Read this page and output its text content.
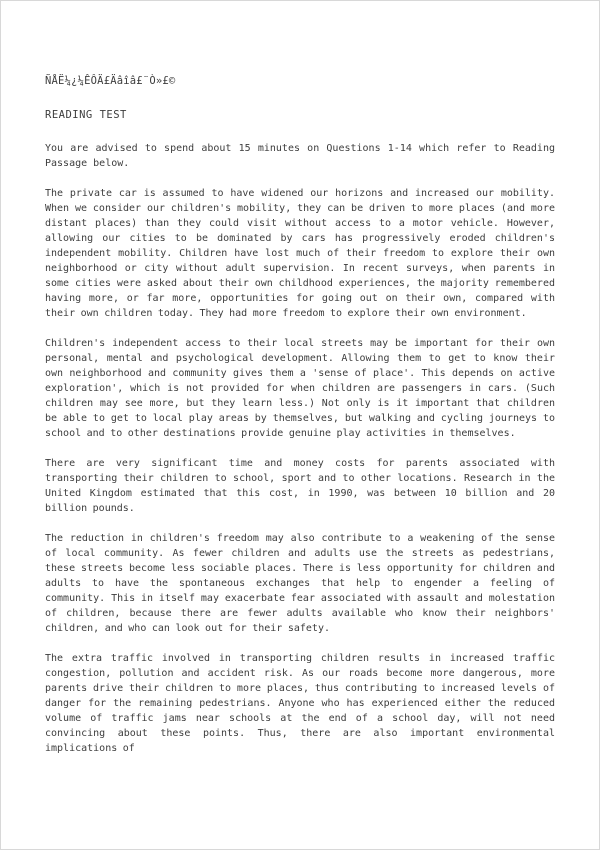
ÑÅË¼¿¼ÊÔÄ£Äâîâ£¨Ò»£©
READING TEST

You are advised to spend about 15 minutes on Questions 1-14 which refer to Reading Passage below.

The private car is assumed to have widened our horizons and increased our mobility. When we consider our children's mobility, they can be driven to more places (and more distant places) than they could visit without access to a motor vehicle. However, allowing our cities to be dominated by cars has progressively eroded children's independent mobility. Children have lost much of their freedom to explore their own neighborhood or city without adult supervision. In recent surveys, when parents in some cities were asked about their own childhood experiences, the majority remembered having more, or far more, opportunities for going out on their own, compared with their own children today. They had more freedom to explore their own environment.

Children's independent access to their local streets may be important for their own personal, mental and psychological development. Allowing them to get to know their own neighborhood and community gives them a 'sense of place'. This depends on active exploration', which is not provided for when children are passengers in cars. (Such children may see more, but they learn less.) Not only is it important that children be able to get to local play areas by themselves, but walking and cycling journeys to school and to other destinations provide genuine play activities in themselves.

There are very significant time and money costs for parents associated with transporting their children to school, sport and to other locations. Research in the United Kingdom estimated that this cost, in 1990, was between 10 billion and 20 billion pounds.

The reduction in children's freedom may also contribute to a weakening of the sense of local community. As fewer children and adults use the streets as pedestrians, these streets become less sociable places. There is less opportunity for children and adults to have the spontaneous exchanges that help to engender a feeling of community. This in itself may exacerbate fear associated with assault and molestation of children, because there are fewer adults available who know their neighbors' children, and who can look out for their safety.

The extra traffic involved in transporting children results in increased traffic congestion, pollution and accident risk. As our roads become more dangerous, more parents drive their children to more places, thus contributing to increased levels of danger for the remaining pedestrians. Anyone who has experienced either the reduced volume of traffic jams near schools at the end of a school day, will not need convincing about these points. Thus, there are also important environmental implications of
